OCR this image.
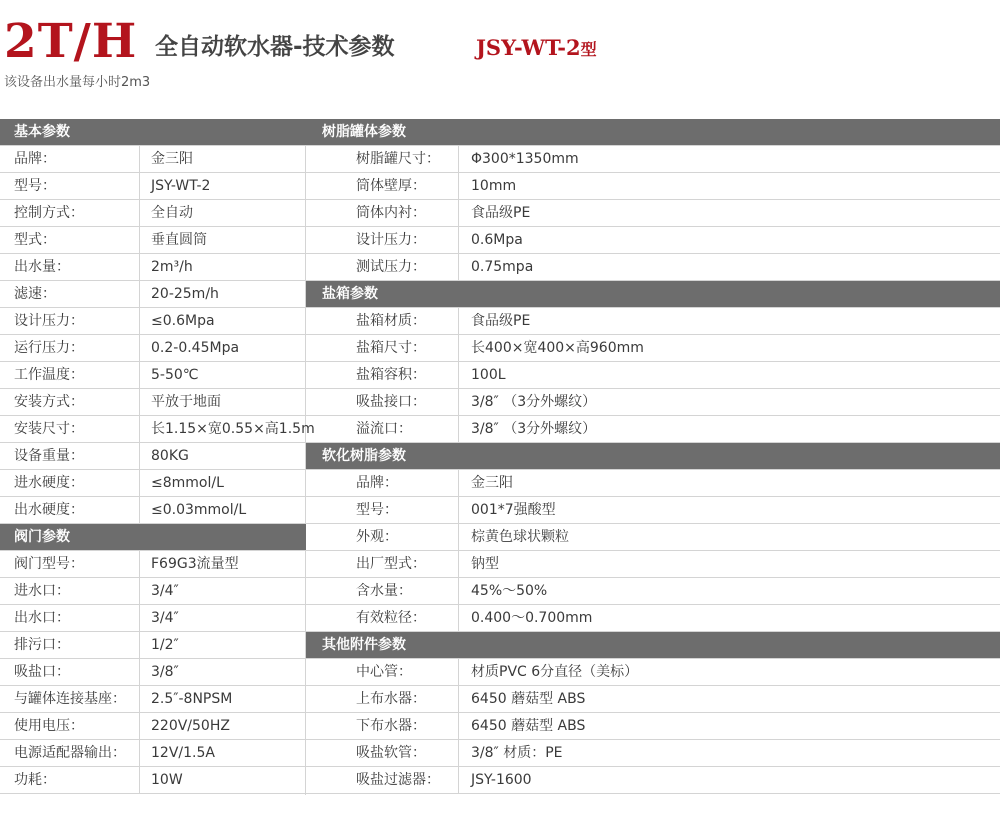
2T/H 全自动软水器-技术参数	JSY-WT-2型
该设备出水量每小时2m3
基本参数
品牌：	金三阳
型号：	JSY-WT-2
控制方式：	全自动
型式：	垂直圆筒
出水量：	2m³/h
滤速：	20-25m/h
设计压力：	≤0.6Mpa
运行压力：	0.2-0.45Mpa
工作温度：	5-50℃
安装方式：	平放于地面
安装尺寸：	长1.15×宽0.55×高1.5m
设备重量：	80KG
进水硬度：	≤8mmol/L
出水硬度：	≤0.03mmol/L
阀门参数
阀门型号：	F69G3流量型
进水口：	3/4″
出水口：	3/4″
排污口：	1/2″
吸盐口：	3/8″
与罐体连接基座： 2.5″-8NPSM
使用电压：	220V/50HZ
电源适配器输出： 12V/1.5A
功耗：	10W
树脂罐体参数
树脂罐尺寸： Φ300*1350mm
筒体壁厚：	10mm
筒体内衬：	食品级PE
设计压力：	0.6Mpa
测试压力：	0.75mpa
盐箱参数
盐箱材质：	食品级PE
盐箱尺寸：	长400×宽400×高960mm
盐箱容积：	100L
吸盐接口：	3/8″ （3分外螺纹）
溢流口：	3/8″ （3分外螺纹）
软化树脂参数
品牌：	金三阳
型号：	001*7强酸型
外观：	棕黄色球状颗粒
出厂型式：	钠型
含水量：	45%～50%
有效粒径：	0.400～0.700mm
其他附件参数
中心管：	材质PVC 6分直径（美标）
上布水器：	6450 蘑菇型 ABS
下布水器：	6450 蘑菇型 ABS
吸盐软管：	3/8″ 材质：PE
吸盐过滤器： JSY-1600
